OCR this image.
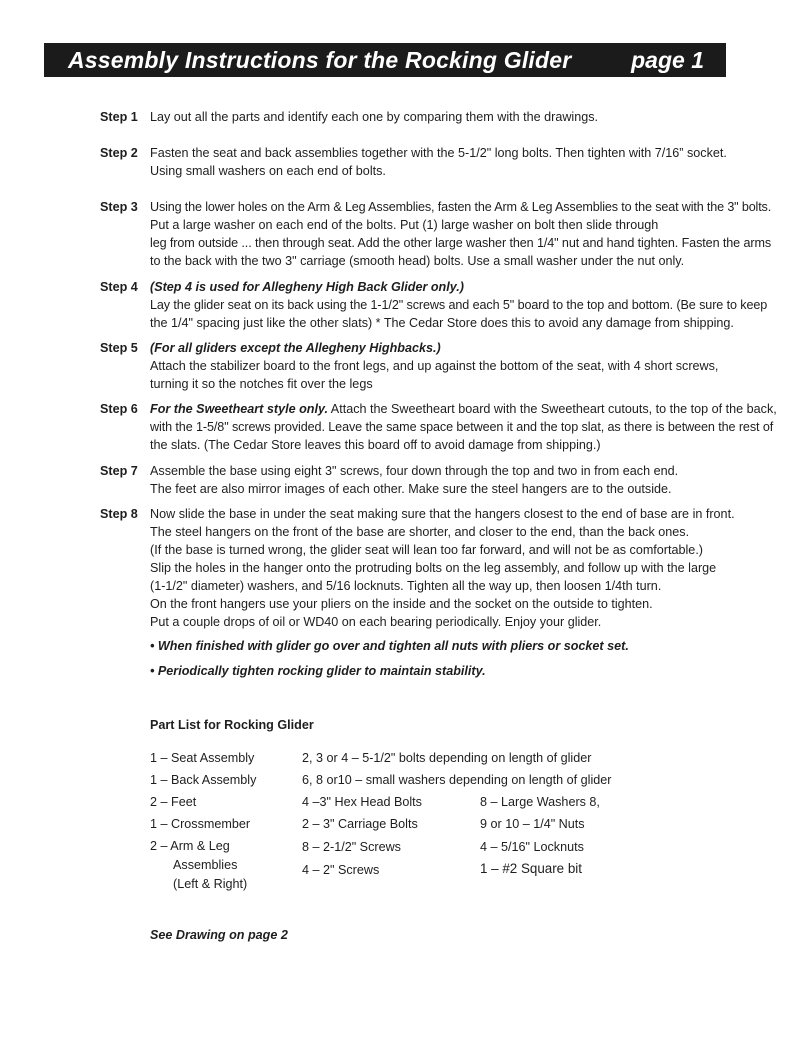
Assembly Instructions for the Rocking Glider	page 1
Step 1 Lay out all the parts and identify each one by comparing them with the drawings.
Step 2 Fasten the seat and back assemblies together with the 5-1/2" long bolts. Then tighten with 7/16” socket.
Using small washers on each end of bolts.
Step 3 Using the lower holes on the Arm & Leg Assemblies, fasten the Arm & Leg Assemblies to the seat with the 3" bolts.
Put a large washer on each end of the bolts. Put (1) large washer on bolt then slide through
leg from outside ... then through seat. Add the other large washer then 1/4" nut and hand tighten. Fasten the arms
to the back with the two 3" carriage (smooth head) bolts. Use a small washer under the nut only.
Step 4 (Step 4 is used for Allegheny High Back Glider only.)
Lay the glider seat on its back using the 1-1/2" screws and each 5" board to the top and bottom. (Be sure to keep
the 1/4" spacing just like the other slats) * The Cedar Store does this to avoid any damage from shipping.
Step 5 (For all gliders except the Allegheny Highbacks.)
Attach the stabilizer board to the front legs, and up against the bottom of the seat, with 4 short screws,
turning it so the notches fit over the legs
Step 6 For the Sweetheart style only. Attach the Sweetheart board with the Sweetheart cutouts, to the top of the back,
with the 1-5/8" screws provided. Leave the same space between it and the top slat, as there is between the rest of
the slats. (The Cedar Store leaves this board off to avoid damage from shipping.)
Step 7 Assemble the base using eight 3" screws, four down through the top and two in from each end.
The feet are also mirror images of each other. Make sure the steel hangers are to the outside.
Step 8 Now slide the base in under the seat making sure that the hangers closest to the end of base are in front.
The steel hangers on the front of the base are shorter, and closer to the end, than the back ones.
(If the base is turned wrong, the glider seat will lean too far forward, and will not be as comfortable.)
Slip the holes in the hanger onto the protruding bolts on the leg assembly, and follow up with the large
(1-1/2" diameter) washers, and 5/16 locknuts. Tighten all the way up, then loosen 1/4th turn.
On the front hangers use your pliers on the inside and the socket on the outside to tighten.
Put a couple drops of oil or WD40 on each bearing periodically. Enjoy your glider.
• When finished with glider go over and tighten all nuts with pliers or socket set.
• Periodically tighten rocking glider to maintain stability.
Part List for Rocking Glider
1 – Seat Assembly
1 – Back Assembly
2 – Feet
1 – Crossmember
2 – Arm & Leg
Assemblies
(Left & Right)
2, 3 or 4 – 5-1/2" bolts depending on length of glider
6, 8 or10 – small washers depending on length of glider
4 –3" Hex Head Bolts
2 – 3" Carriage Bolts
8 – 2-1/2" Screws
4 – 2" Screws
8 – Large Washers 8,
9 or 10 – 1/4" Nuts
4 – 5/16" Locknuts
1 – #2 Square bit
See Drawing on page 2
